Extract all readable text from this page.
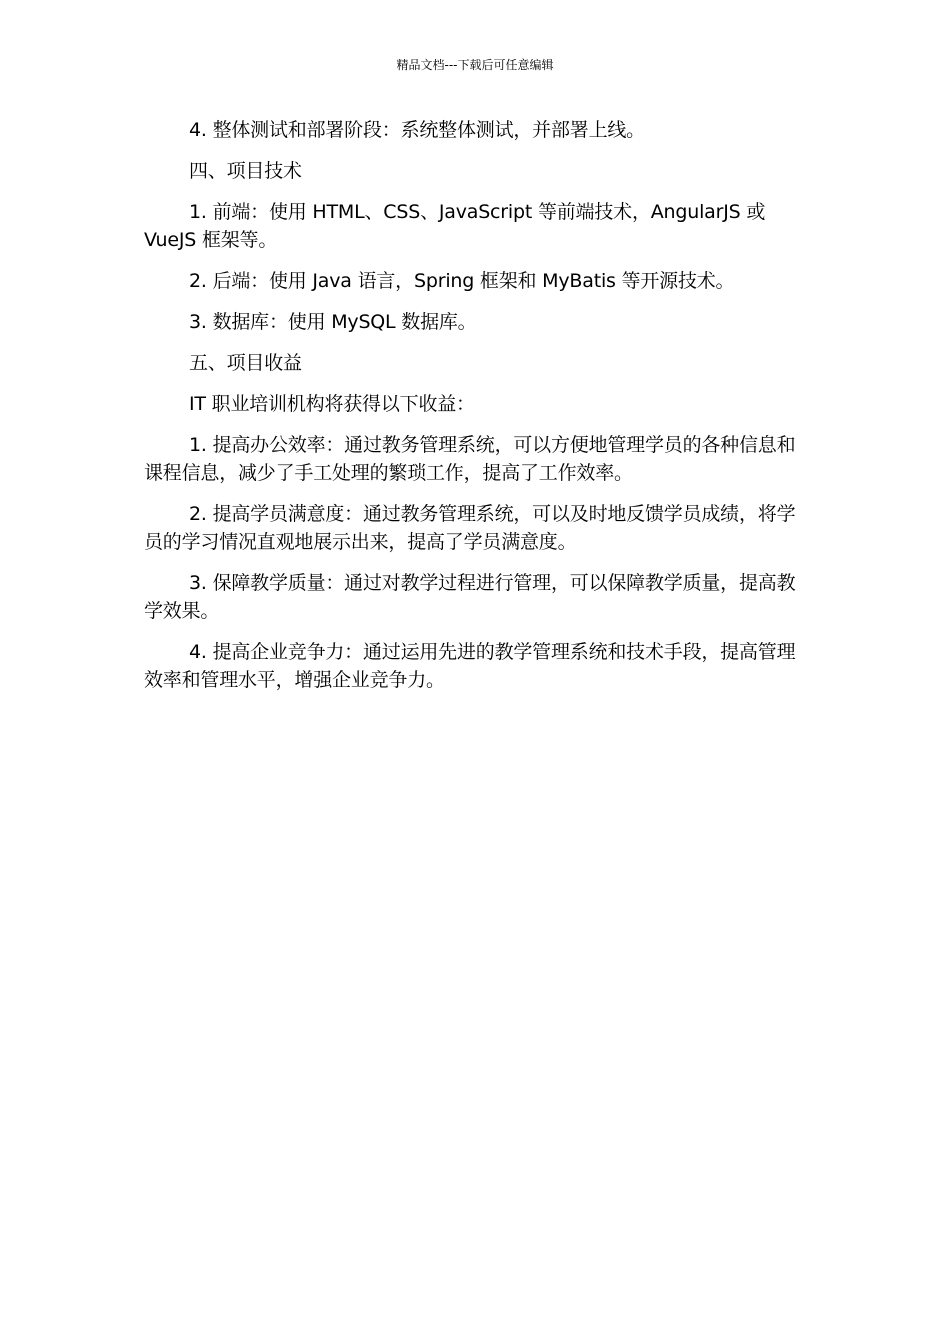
精品文档---下载后可任意编辑

4. 整体测试和部署阶段：系统整体测试，并部署上线。

四、项目技术

1. 前端：使用 HTML、CSS、JavaScript 等前端技术，AngularJS 或 VueJS 框架等。

2. 后端：使用 Java 语言，Spring 框架和 MyBatis 等开源技术。

3. 数据库：使用 MySQL 数据库。

五、项目收益

IT 职业培训机构将获得以下收益：

1. 提高办公效率：通过教务管理系统，可以方便地管理学员的各种信息和课程信息，减少了手工处理的繁琐工作，提高了工作效率。

2. 提高学员满意度：通过教务管理系统，可以及时地反馈学员成绩，将学员的学习情况直观地展示出来，提高了学员满意度。

3. 保障教学质量：通过对教学过程进行管理，可以保障教学质量，提高教学效果。

4. 提高企业竞争力：通过运用先进的教学管理系统和技术手段，提高管理效率和管理水平，增强企业竞争力。
